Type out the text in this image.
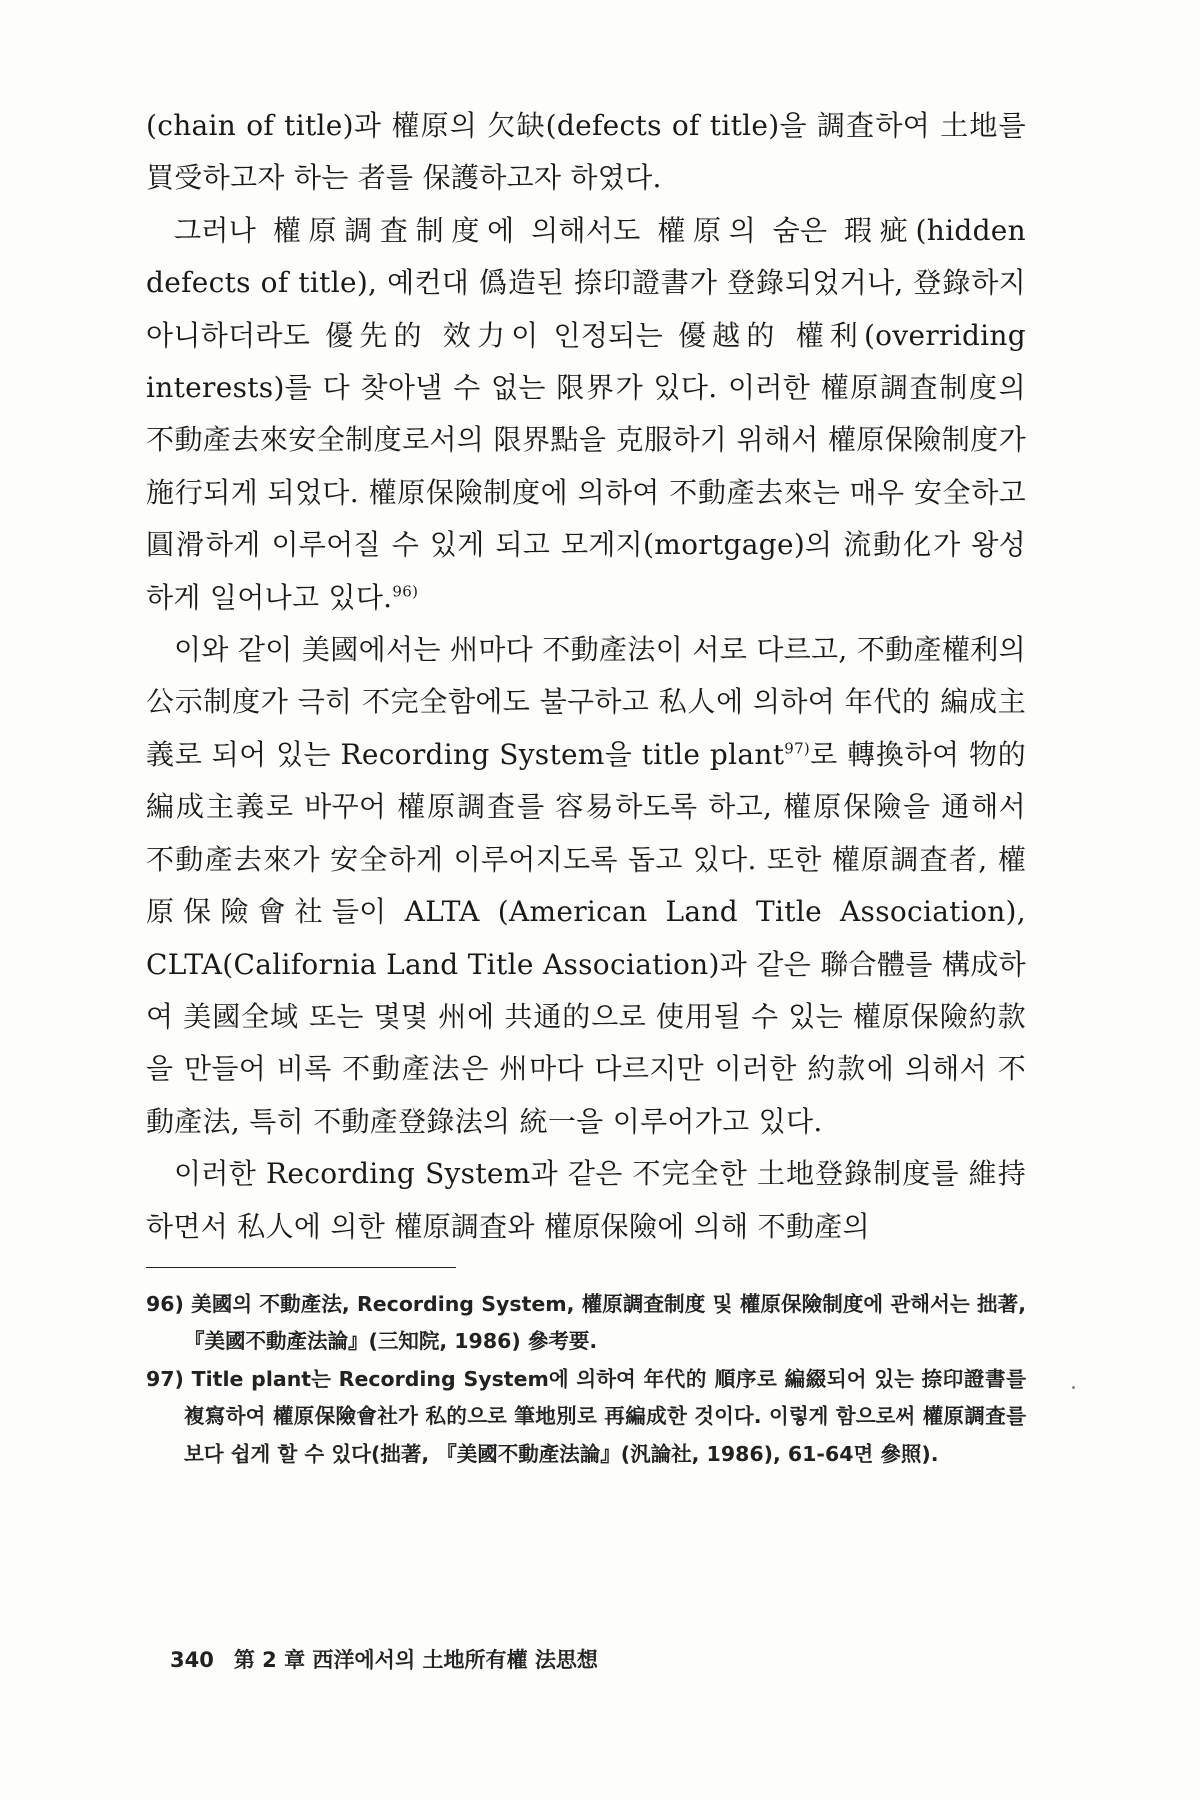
(chain of title)과 權原의 欠缺(defects of title)을 調査하여 土地를 買受하고자 하는 者를 保護하고자 하였다.

그러나 權原調査制度에 의해서도 權原의 숨은 瑕疵(hidden defects of title), 예컨대 僞造된 捺印證書가 登錄되었거나, 登錄하지 아니하더라도 優先的 效力이 인정되는 優越的 權利(overriding interests)를 다 찾아낼 수 없는 限界가 있다. 이러한 權原調査制度의 不動產去來安全制度로서의 限界點을 克服하기 위해서 權原保險制度가 施行되게 되었다. 權原保險制度에 의하여 不動產去來는 매우 安全하고 圓滑하게 이루어질 수 있게 되고 모게지(mortgage)의 流動化가 왕성하게 일어나고 있다.$^{96)}$

이와 같이 美國에서는 州마다 不動產法이 서로 다르고, 不動產權利의 公示制度가 극히 不完全함에도 불구하고 私人에 의하여 年代的 編成主義로 되어 있는 Recording System을 title plant$^{97)}$로 轉換하여 物的編成主義로 바꾸어 權原調査를 容易하도록 하고, 權原保險을 通해서 不動產去來가 安全하게 이루어지도록 돕고 있다. 또한 權原調査者, 權原保險會社들이 ALTA (American Land Title Association), CLTA(California Land Title Association)과 같은 聯合體를 構成하여 美國全域 또는 몇몇 州에 共通的으로 使用될 수 있는 權原保險約款을 만들어 비록 不動產法은 州마다 다르지만 이러한 約款에 의해서 不動產法, 특히 不動產登錄法의 統一을 이루어가고 있다.

이러한 Recording System과 같은 不完全한 土地登錄制度를 維持하면서 私人에 의한 權原調査와 權原保險에 의해 不動產의

96) 美國의 不動產法, Recording System, 權原調査制度 및 權原保險制度에 관해서는 拙著, 『美國不動產法論』(三知院, 1986) 參考要.

97) Title plant는 Recording System에 의하여 年代的 順序로 編綴되어 있는 捺印證書를 複寫하여 權原保險會社가 私的으로 筆地別로 再編成한 것이다. 이렇게 함으로써 權原調査를 보다 쉽게 할 수 있다(拙著, 『美國不動產法論』(汎論社, 1986), 61-64면 參照).

340 第 2 章 西洋에서의 土地所有權 法思想
